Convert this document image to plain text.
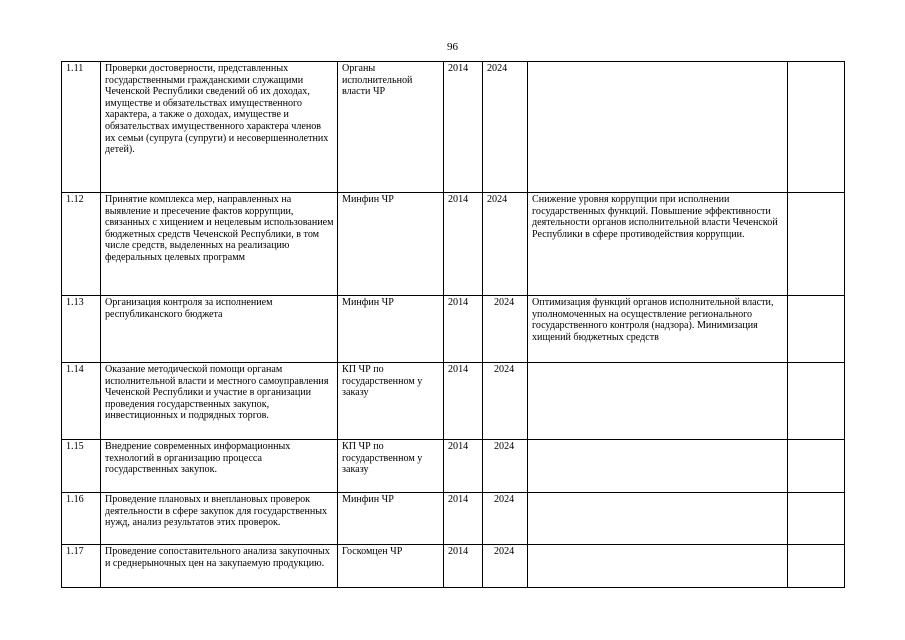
96
1.11	Проверки достоверности, представленных государственными гражданскими служащими Чеченской Республики сведений об их доходах, имуществе и обязательствах имущественного характера, а также о доходах, имуществе и обязательствах имущественного характера членов их семьи (супруга (супруги) и несовершеннолетних детей).	Органы исполнительной власти ЧР	2014	2024		
1.12	Принятие комплекса мер, направленных на выявление и пресечение фактов коррупции, связанных с хищением и нецелевым использованием бюджетных средств Чеченской Республики, в том числе средств, выделенных на реализацию федеральных целевых программ	Минфин ЧР	2014	2024	Снижение уровня коррупции при исполнении государственных функций. Повышение эффективности деятельности органов исполнительной власти Чеченской Республики в сфере противодействия коррупции.	
1.13	Организация контроля за исполнением республиканского бюджета	Минфин ЧР	2014	2024	Оптимизация функций органов исполнительной власти, уполномоченных на осуществление регионального государственного контроля (надзора). Минимизация хищений бюджетных средств	
1.14	Оказание методической помощи органам исполнительной власти и местного самоуправления Чеченской Республики и участие в организации проведения государственных закупок, инвестиционных и подрядных торгов.	КП ЧР по государственном у заказу	2014	2024		
1.15	Внедрение современных информационных технологий в организацию процесса государственных закупок.	КП ЧР по государственном у заказу	2014	2024		
1.16	Проведение плановых и внеплановых проверок деятельности в сфере закупок для государственных нужд, анализ результатов этих проверок.	Минфин ЧР	2014	2024		
1.17	Проведение сопоставительного анализа закупочных и среднерыночных цен на закупаемую продукцию.	Госкомцен ЧР	2014	2024		
